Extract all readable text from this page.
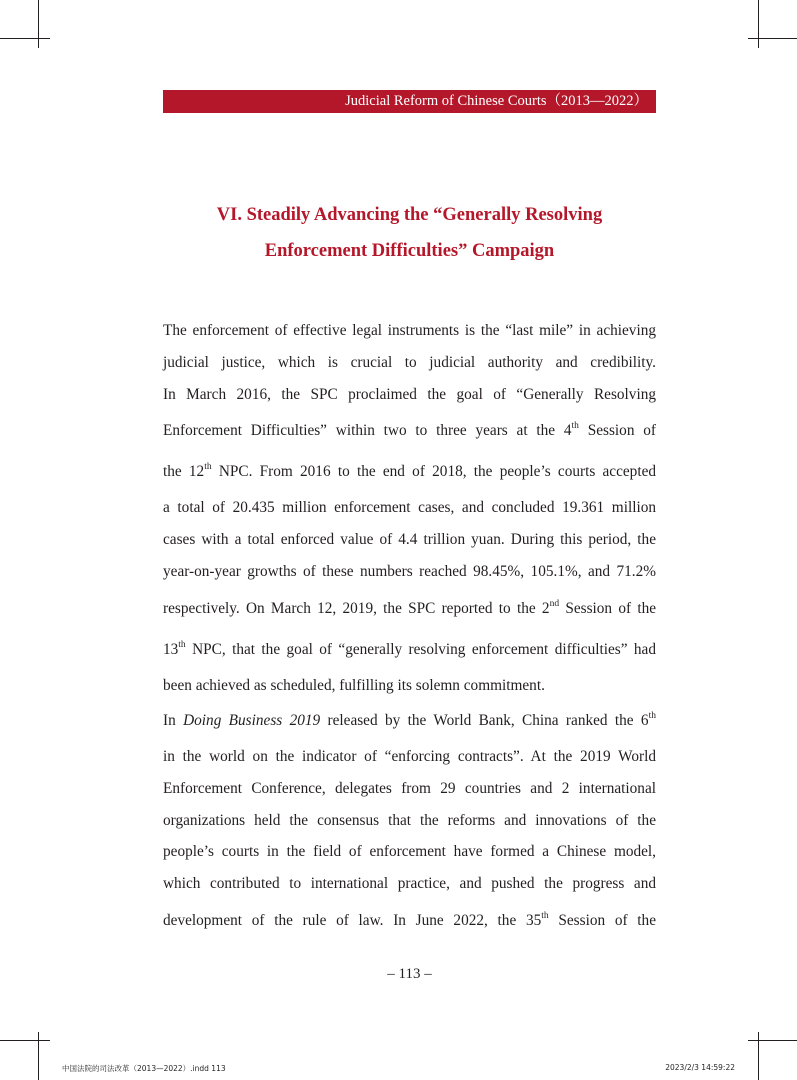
Judicial Reform of Chinese Courts（2013—2022）
VI. Steadily Advancing the “Generally Resolving
Enforcement Difficulties” Campaign
The enforcement of effective legal instruments is the “last mile” in achieving
judicial justice, which is crucial to judicial authority and credibility.
In March 2016, the SPC proclaimed the goal of “Generally Resolving
Enforcement Difficulties” within two to three years at the 4th Session of
the 12th NPC. From 2016 to the end of 2018, the people’s courts accepted
a total of 20.435 million enforcement cases, and concluded 19.361 million
cases with a total enforced value of 4.4 trillion yuan. During this period, the
year-on-year growths of these numbers reached 98.45%, 105.1%, and 71.2%
respectively. On March 12, 2019, the SPC reported to the 2nd Session of the
13th NPC, that the goal of “generally resolving enforcement difficulties” had
been achieved as scheduled, fulfilling its solemn commitment.
In Doing Business 2019 released by the World Bank, China ranked the 6th
in the world on the indicator of “enforcing contracts”. At the 2019 World
Enforcement Conference, delegates from 29 countries and 2 international
organizations held the consensus that the reforms and innovations of the
people’s courts in the field of enforcement have formed a Chinese model,
which contributed to international practice, and pushed the progress and
development of the rule of law. In June 2022, the 35th Session of the
– 113 –
中国法院的司法改革（2013—2022）.indd 113	2023/2/3 14:59:22
